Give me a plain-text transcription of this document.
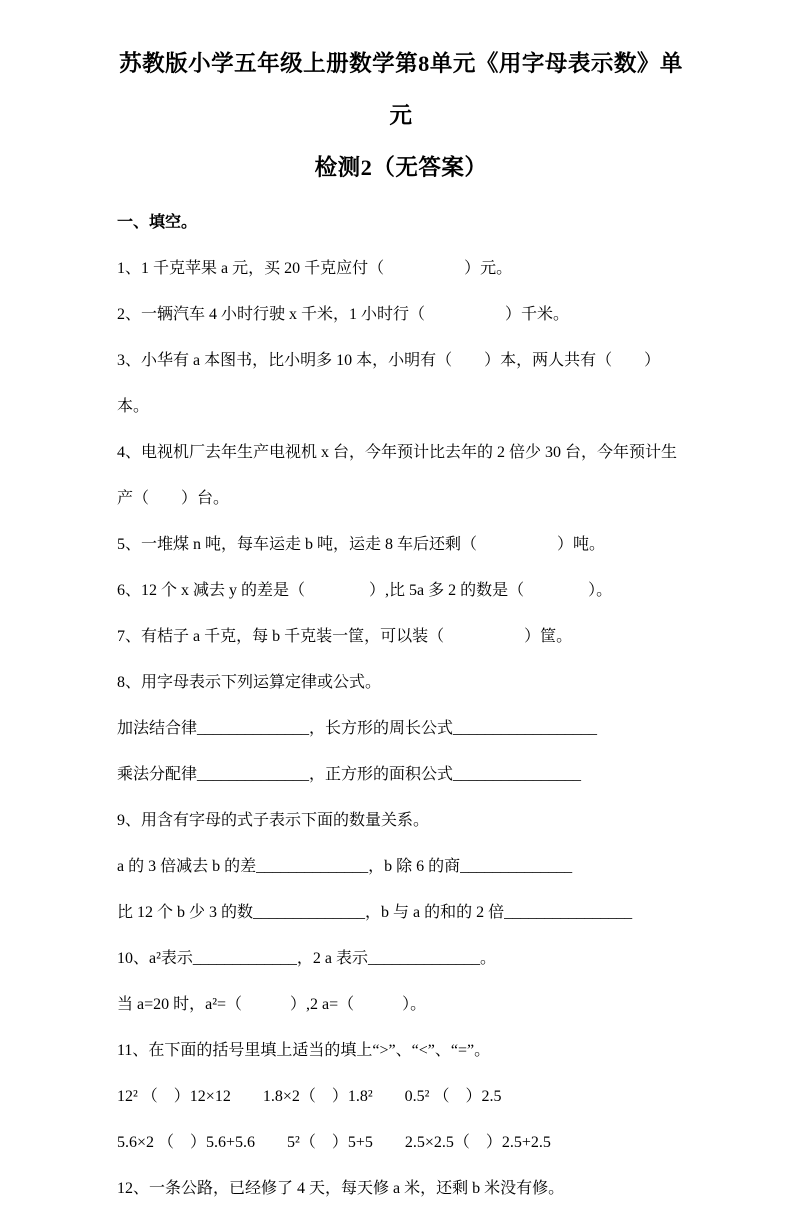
苏教版小学五年级上册数学第8单元《用字母表示数》单元
检测2（无答案）

一、填空。

1、1 千克苹果 a 元，买 20 千克应付（　　　　　）元。

2、一辆汽车 4 小时行驶 x 千米，1 小时行（　　　　　）千米。

3、小华有 a 本图书，比小明多 10 本，小明有（　　）本，两人共有（　　）本。

4、电视机厂去年生产电视机 x 台，今年预计比去年的 2 倍少 30 台，今年预计生

产（　　）台。

5、一堆煤 n 吨，每车运走 b 吨，运走 8 车后还剩（　　　　　）吨。

6、12 个 x 减去 y 的差是（　　　　）,比 5a 多 2 的数是（　　　　）。

7、有桔子 a 千克，每 b 千克装一筐，可以装（　　　　　）筐。

8、用字母表示下列运算定律或公式。

加法结合律______________，长方形的周长公式__________________

乘法分配律______________，正方形的面积公式________________

9、用含有字母的式子表示下面的数量关系。

a 的 3 倍减去 b 的差______________，b 除 6 的商______________

比 12 个 b 少 3 的数______________，b 与 a 的和的 2 倍________________

10、a²表示_____________，2 a 表示______________。

当 a=20 时，a²=（　　　）,2 a=（　　　）。

11、在下面的括号里填上适当的填上“>”、“<”、“=”。

12² （　）12×12　　1.8×2（　）1.8²　　0.5² （　）2.5

5.6×2 （　）5.6+5.6　　5²（　）5+5　　2.5×2.5（　）2.5+2.5

12、一条公路，已经修了 4 天，每天修 a 米，还剩 b 米没有修。
